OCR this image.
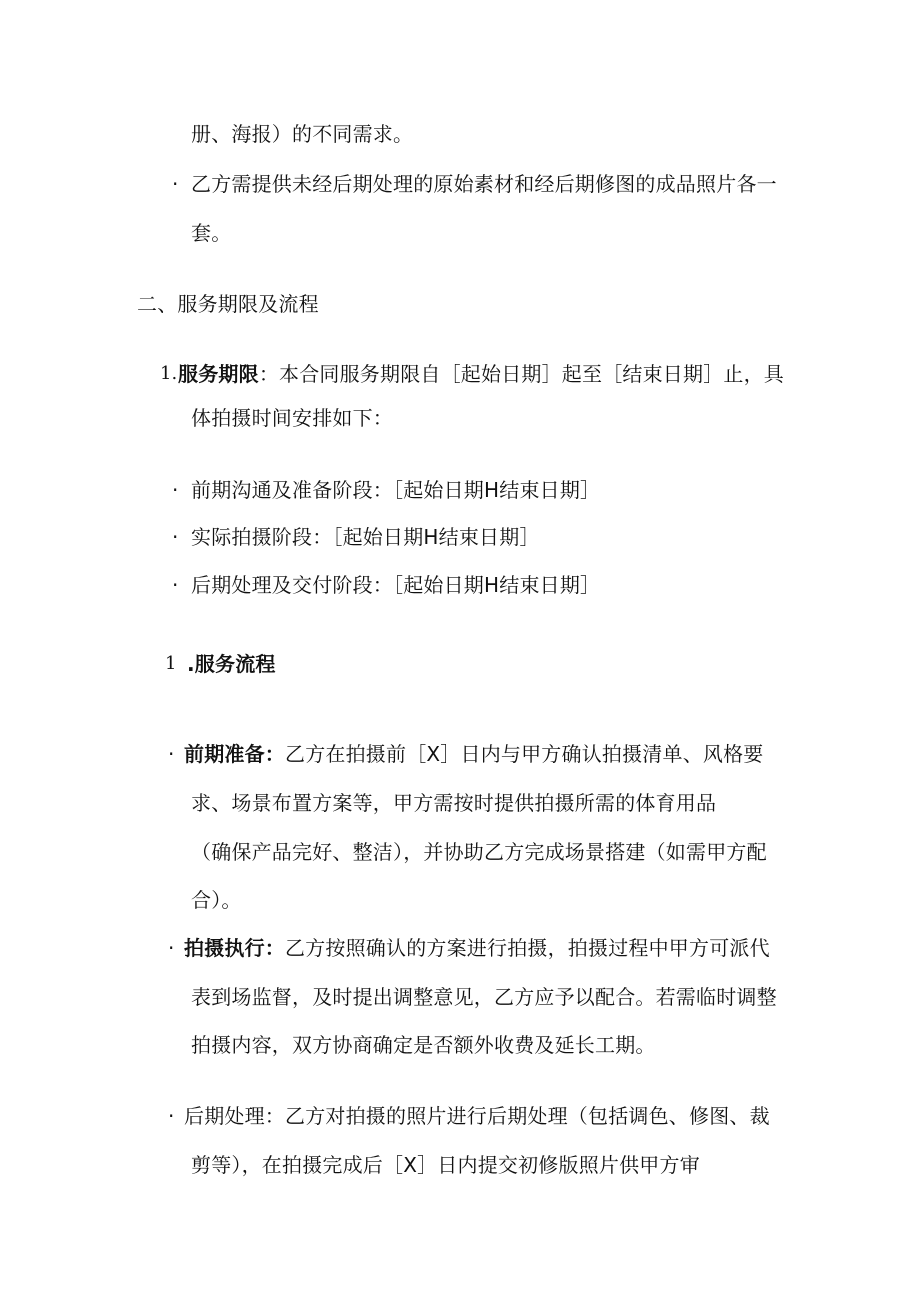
册、海报）的不同需求。
· 乙方需提供未经后期处理的原始素材和经后期修图的成品照片各一
套。
二、服务期限及流程
1. 服务期限：本合同服务期限自［起始日期］起至［结束日期］止，具
体拍摄时间安排如下：
· 前期沟通及准备阶段：［起始日期H结束日期］
· 实际拍摄阶段：［起始日期H结束日期］
· 后期处理及交付阶段：［起始日期H结束日期］
1 .服务流程
· 前期准备：乙方在拍摄前［X］日内与甲方确认拍摄清单、风格要
求、场景布置方案等，甲方需按时提供拍摄所需的体育用品
（确保产品完好、整洁），并协助乙方完成场景搭建（如需甲方配
合）。
· 拍摄执行：乙方按照确认的方案进行拍摄，拍摄过程中甲方可派代
表到场监督，及时提出调整意见，乙方应予以配合。若需临时调整
拍摄内容，双方协商确定是否额外收费及延长工期。
· 后期处理：乙方对拍摄的照片进行后期处理（包括调色、修图、裁
剪等），在拍摄完成后［X］日内提交初修版照片供甲方审
